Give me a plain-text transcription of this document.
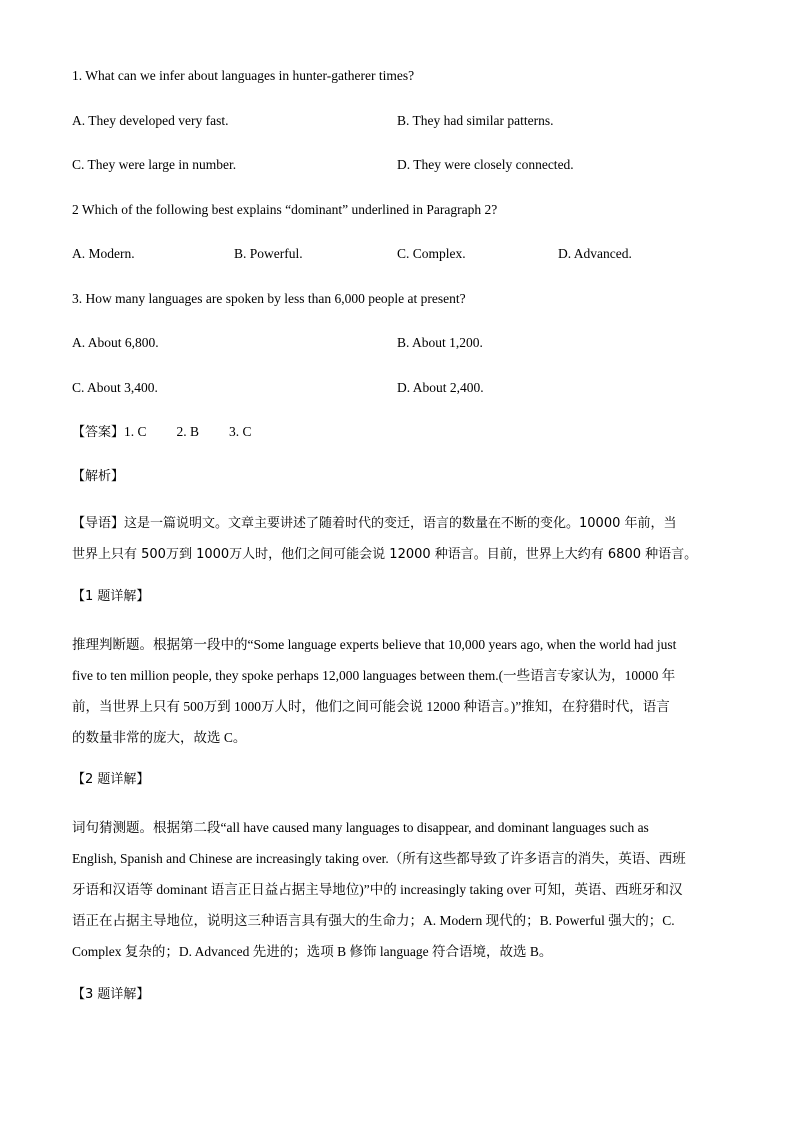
1. What can we infer about languages in hunter-gatherer times?
A. They developed very fast.	B. They had similar patterns.
C. They were large in number.	D. They were closely connected.
2 Which of the following best explains “dominant” underlined in Paragraph 2?
A. Modern.	B. Powerful.	C. Complex.	D. Advanced.
3. How many languages are spoken by less than 6,000 people at present?
A. About 6,800.	B. About 1,200.
C. About 3,400.	D. About 2,400.
【答案】1. C 2. B 3. C
【解析】
【导语】这是一篇说明文。文章主要讲述了随着时代的变迁，语言的数量在不断的变化。10000 年前，当
世界上只有 500万到 1000万人时，他们之间可能会说 12000 种语言。目前，世界上大约有 6800 种语言。
【1 题详解】
推理判断题。根据第一段中的“Some language experts believe that 10,000 years ago, when the world had just
five to ten million people, they spoke perhaps 12,000 languages between them.(一些语言专家认为，10000 年
前，当世界上只有 500万到 1000万人时，他们之间可能会说 12000 种语言。)”推知，在狩猎时代，语言
的数量非常的庞大，故选 C。
【2 题详解】
词句猜测题。根据第二段“all have caused many languages to disappear, and dominant languages such as
English, Spanish and Chinese are increasingly taking over.（所有这些都导致了许多语言的消失，英语、西班
牙语和汉语等 dominant 语言正日益占据主导地位)”中的 increasingly taking over 可知，英语、西班牙和汉
语正在占据主导地位，说明这三种语言具有强大的生命力；A. Modern 现代的；B. Powerful 强大的；C.
Complex 复杂的；D. Advanced 先进的；选项 B 修饰 language 符合语境，故选 B。
【3 题详解】
